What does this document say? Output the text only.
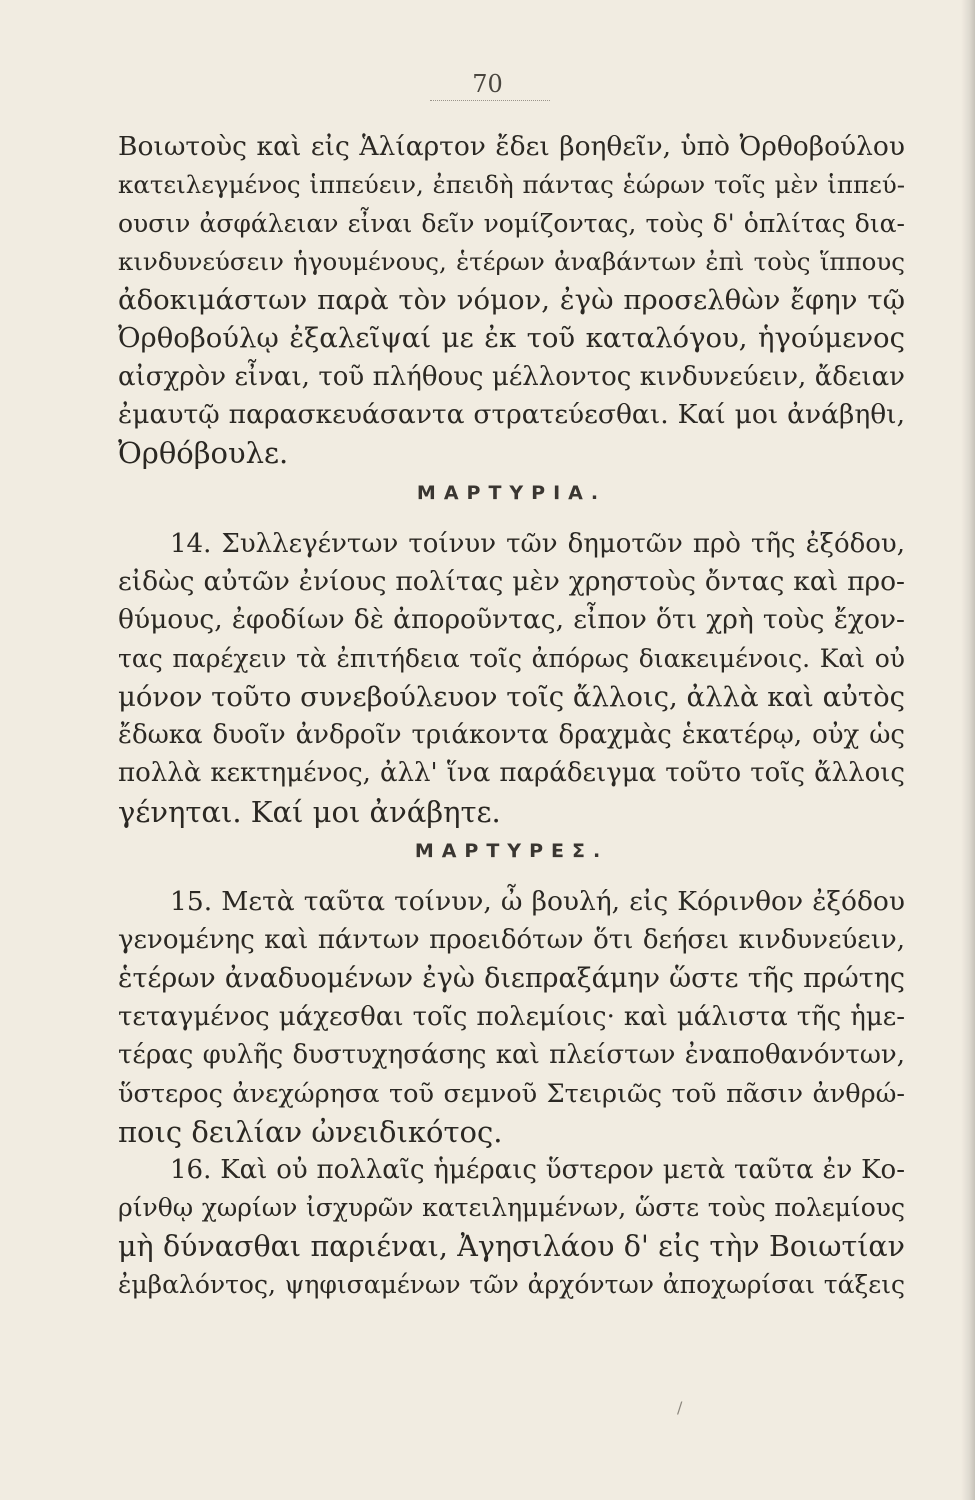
70
Βοιωτοὺς καὶ εἰς Ἁλίαρτον ἔδει βοηθεῖν, ὑπὸ Ὀρθοβούλου
κατειλεγμένος ἱππεύειν, ἐπειδὴ πάντας ἑώρων τοῖς μὲν ἱππεύ-
ουσιν ἀσφάλειαν εἶναι δεῖν νομίζοντας, τοὺς δ' ὁπλίτας δια-
κινδυνεύσειν ἡγουμένους, ἑτέρων ἀναβάντων ἐπὶ τοὺς ἵππους
ἀδοκιμάστων παρὰ τὸν νόμον, ἐγὼ προσελθὼν ἔφην τῷ
Ὀρθοβούλῳ ἐξαλεῖψαί με ἐκ τοῦ καταλόγου, ἡγούμενος
αἰσχρὸν εἶναι, τοῦ πλήθους μέλλοντος κινδυνεύειν, ἄδειαν
ἐμαυτῷ παρασκευάσαντα στρατεύεσθαι. Καί μοι ἀνάβηθι,
Ὀρθόβουλε.
ΜΑΡΤΥΡΙΑ.
14. Συλλεγέντων τοίνυν τῶν δημοτῶν πρὸ τῆς ἐξόδου,
εἰδὼς αὐτῶν ἐνίους πολίτας μὲν χρηστοὺς ὄντας καὶ προ-
θύμους, ἐφοδίων δὲ ἀποροῦντας, εἶπον ὅτι χρὴ τοὺς ἔχον-
τας παρέχειν τὰ ἐπιτήδεια τοῖς ἀπόρως διακειμένοις. Καὶ οὐ
μόνον τοῦτο συνεβούλευον τοῖς ἄλλοις, ἀλλὰ καὶ αὐτὸς
ἔδωκα δυοῖν ἀνδροῖν τριάκοντα δραχμὰς ἑκατέρῳ, οὐχ ὡς
πολλὰ κεκτημένος, ἀλλ' ἵνα παράδειγμα τοῦτο τοῖς ἄλλοις
γένηται. Καί μοι ἀνάβητε.
ΜΑΡΤΥΡΕΣ.
15. Μετὰ ταῦτα τοίνυν, ὦ βουλή, εἰς Κόρινθον ἐξόδου
γενομένης καὶ πάντων προειδότων ὅτι δεήσει κινδυνεύειν,
ἑτέρων ἀναδυομένων ἐγὼ διεπραξάμην ὥστε τῆς πρώτης
τεταγμένος μάχεσθαι τοῖς πολεμίοις· καὶ μάλιστα τῆς ἡμε-
τέρας φυλῆς δυστυχησάσης καὶ πλείστων ἐναποθανόντων,
ὕστερος ἀνεχώρησα τοῦ σεμνοῦ Στειριῶς τοῦ πᾶσιν ἀνθρώ-
ποις δειλίαν ὠνειδικότος.
16. Καὶ οὐ πολλαῖς ἡμέραις ὕστερον μετὰ ταῦτα ἐν Κο-
ρίνθῳ χωρίων ἰσχυρῶν κατειλημμένων, ὥστε τοὺς πολεμίους
μὴ δύνασθαι παριέναι, Ἀγησιλάου δ' εἰς τὴν Βοιωτίαν
ἐμβαλόντος, ψηφισαμένων τῶν ἀρχόντων ἀποχωρίσαι τάξεις
/
